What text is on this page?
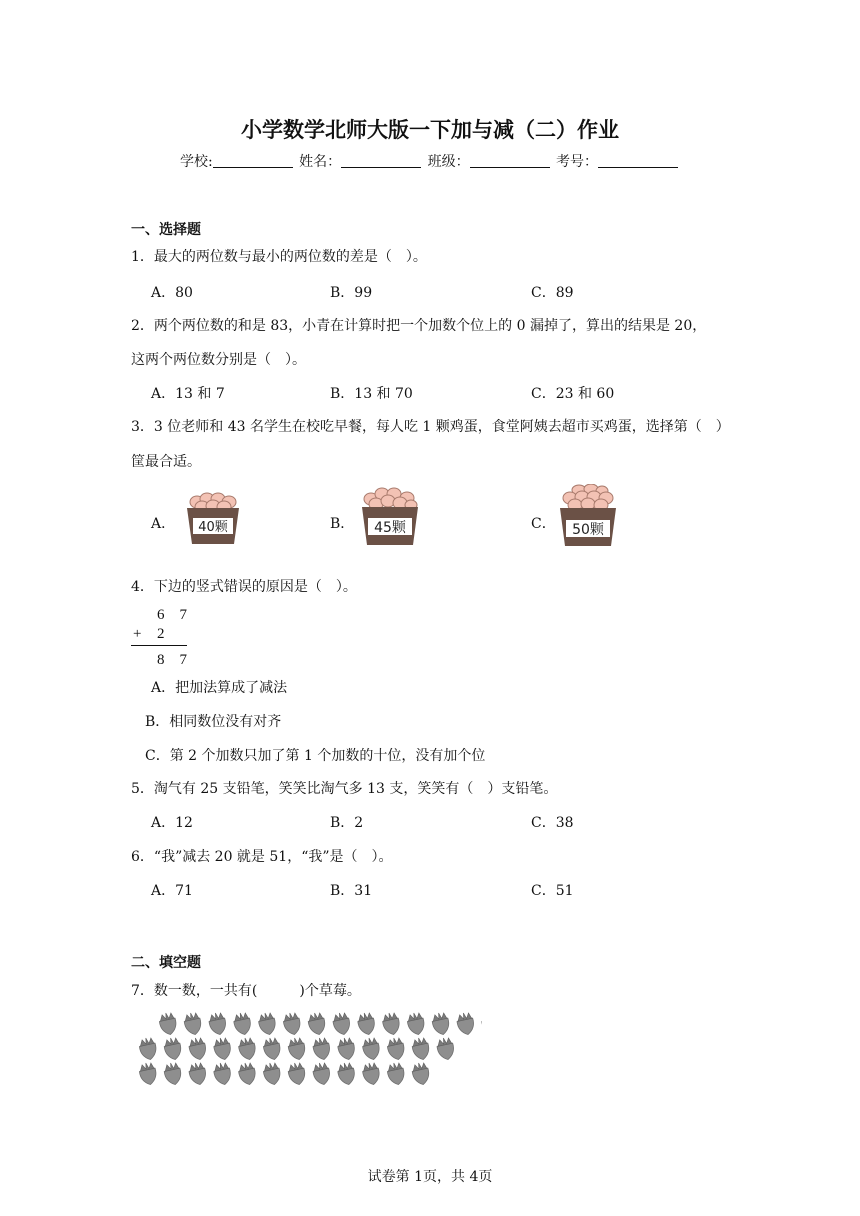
小学数学北师大版一下加与减（二）作业
学校:	姓名：	班级：	考号：
一、选择题
1．最大的两位数与最小的两位数的差是（　）。
A．80	B．99	C．89
2．两个两位数的和是 83，小青在计算时把一个加数个位上的 0 漏掉了，算出的结果是 20，
这两个两位数分别是（　）。
A．13 和 7	B．13 和 70	C．23 和 60
3．3 位老师和 43 名学生在校吃早餐，每人吃 1 颗鸡蛋，食堂阿姨去超市买鸡蛋，选择第（　）
筐最合适。
A． 40颗	B． 45颗	C． 50颗
4．下边的竖式错误的原因是（　）。
6　7
+ 2
8　7
A．把加法算成了减法
B．相同数位没有对齐
C．第 2 个加数只加了第 1 个加数的十位，没有加个位
5．淘气有 25 支铅笔，笑笑比淘气多 13 支，笑笑有（　）支铅笔。
A．12	B．2	C．38
6．“我”减去 20 就是 51，“我”是（　）。
A．71	B．31	C．51
二、填空题
7．数一数，一共有(　　　)个草莓。
试卷第 1页，共 4页
